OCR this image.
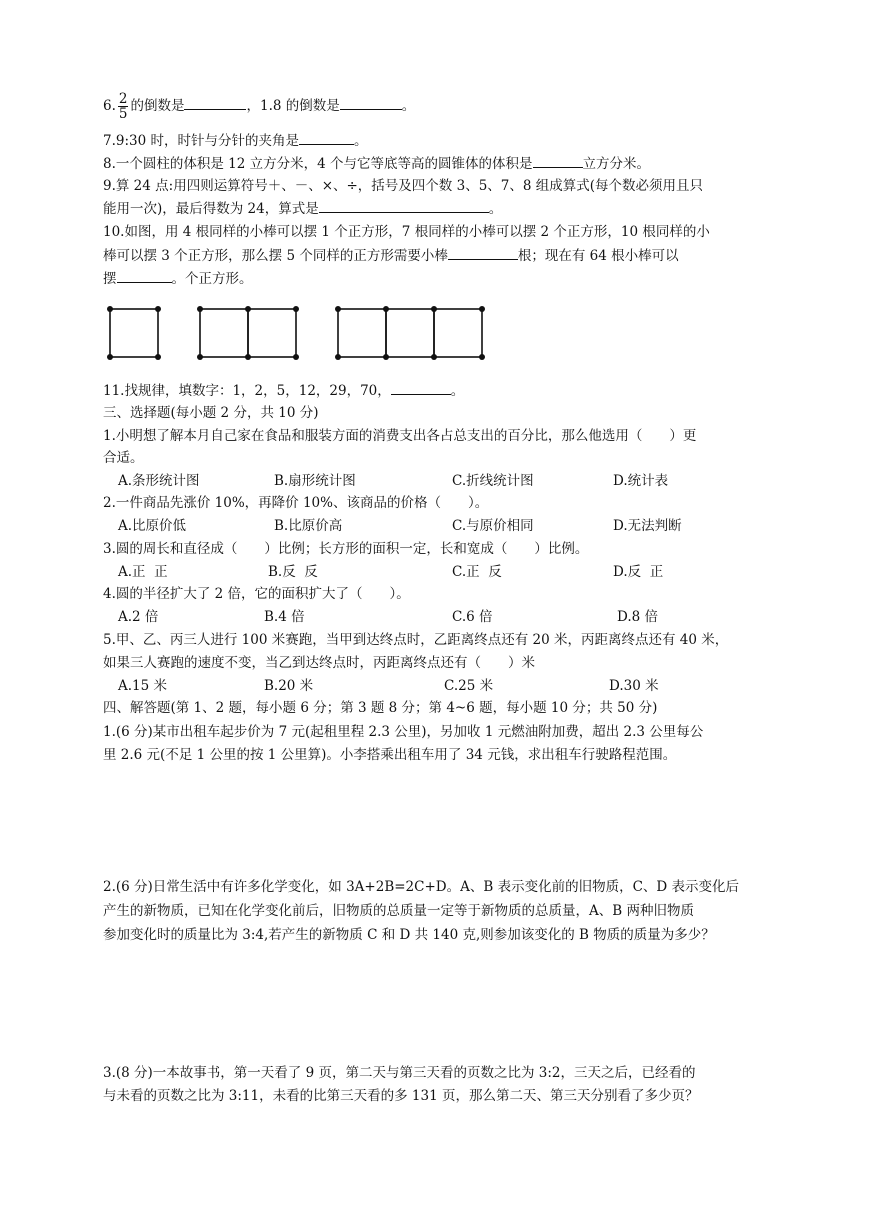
6. $\frac{2}{5}$ 的倒数是	，1.8 的倒数是	。
7.9:30 时，时针与分针的夹角是	。
8.一个圆柱的体积是 12 立方分米，4 个与它等底等高的圆锥体的体积是	立方分米。
9.算 24 点:用四则运算符号＋、－、×、÷，括号及四个数 3、5、7、8 组成算式(每个数必须用且只
能用一次)，最后得数为 24，算式是	。
10.如图，用 4 根同样的小棒可以摆 1 个正方形，7 根同样的小棒可以摆 2 个正方形，10 根同样的小
棒可以摆 3 个正方形，那么摆 5 个同样的正方形需要小棒	根；现在有 64 根小棒可以
摆	。个正方形。
11.找规律，填数字：1，2，5，12，29，70，	。
三、选择题(每小题 2 分，共 10 分)
1.小明想了解本月自己家在食品和服装方面的消费支出各占总支出的百分比，那么他选用（　　）更
合适。
A.条形统计图	B.扇形统计图	C.折线统计图	D.统计表
2.一件商品先涨价 10%，再降价 10%、该商品的价格（　　）。
A.比原价低	B.比原价高	C.与原价相同	D.无法判断
3.圆的周长和直径成（　　）比例；长方形的面积一定，长和宽成（　　）比例。
A.正  正	B.反  反	C.正  反	D.反  正
4.圆的半径扩大了 2 倍，它的面积扩大了（　　）。
A.2 倍	B.4 倍	C.6 倍	D.8 倍
5.甲、乙、丙三人进行 100 米赛跑，当甲到达终点时，乙距离终点还有 20 米，丙距离终点还有 40 米，
如果三人赛跑的速度不变，当乙到达终点时，丙距离终点还有（　　）米
A.15 米	B.20 米	C.25 米	D.30 米
四、解答题(第 1、2 题，每小题 6 分；第 3 题 8 分；第 4~6 题，每小题 10 分；共 50 分)
1.(6 分)某市出租车起步价为 7 元(起租里程 2.3 公里)，另加收 1 元燃油附加费，超出 2.3 公里每公
里 2.6 元(不足 1 公里的按 1 公里算)。小李搭乘出租车用了 34 元钱，求出租车行驶路程范围。
2.(6 分)日常生活中有许多化学变化，如 3A+2B=2C+D。A、B 表示变化前的旧物质，C、D 表示变化后
产生的新物质，已知在化学变化前后，旧物质的总质量一定等于新物质的总质量，A、B 两种旧物质
参加变化时的质量比为 3:4,若产生的新物质 C 和 D 共 140 克,则参加该变化的 B 物质的质量为多少？
3.(8 分)一本故事书，第一天看了 9 页，第二天与第三天看的页数之比为 3:2，三天之后，已经看的
与未看的页数之比为 3:11，未看的比第三天看的多 131 页，那么第二天、第三天分别看了多少页？
